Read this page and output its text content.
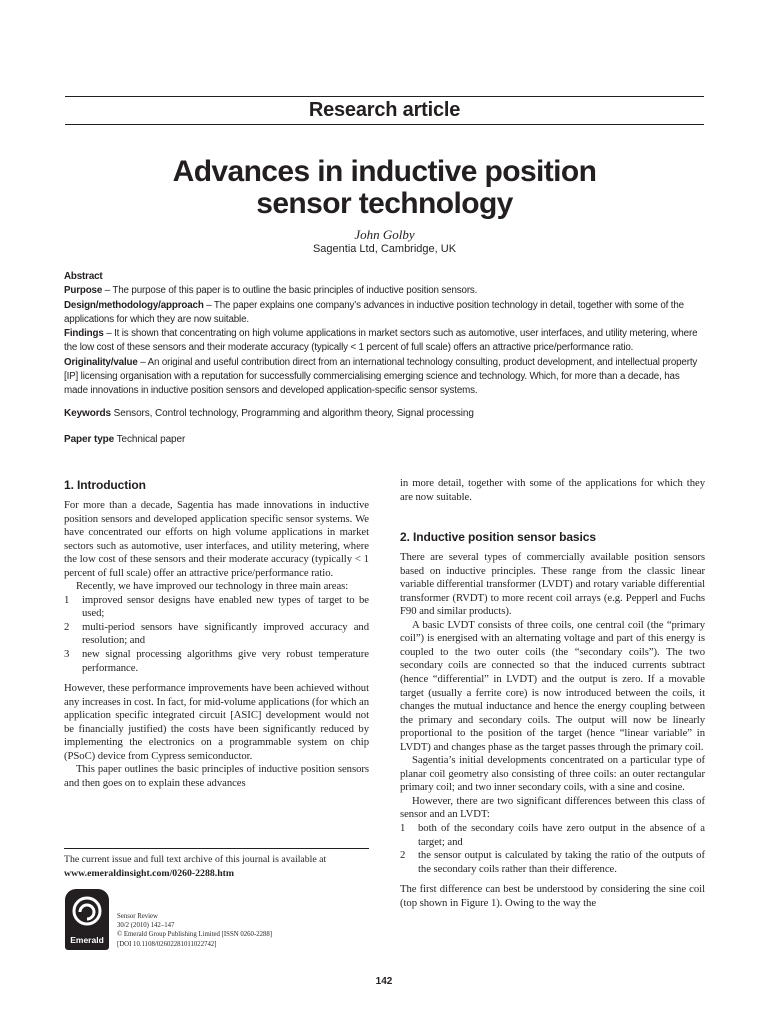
Research article
Advances in inductive position
sensor technology
John Golby
Sagentia Ltd, Cambridge, UK

Abstract

Purpose – The purpose of this paper is to outline the basic principles of inductive position sensors.

Design/methodology/approach – The paper explains one company’s advances in inductive position technology in detail, together with some of the applications for which they are now suitable.

Findings – It is shown that concentrating on high volume applications in market sectors such as automotive, user interfaces, and utility metering, where the low cost of these sensors and their moderate accuracy (typically < 1 percent of full scale) offers an attractive price/performance ratio.

Originality/value – An original and useful contribution direct from an international technology consulting, product development, and intellectual property [IP] licensing organisation with a reputation for successfully commercialising emerging science and technology. Which, for more than a decade, has made innovations in inductive position sensors and developed application-specific sensor systems.

Keywords Sensors, Control technology, Programming and algorithm theory, Signal processing
Paper type Technical paper

1. Introduction

For more than a decade, Sagentia has made innovations in inductive position sensors and developed application specific sensor systems. We have concentrated our efforts on high volume applications in market sectors such as automotive, user interfaces, and utility metering, where the low cost of these sensors and their moderate accuracy (typically < 1 percent of full scale) offer an attractive price/performance ratio.

Recently, we have improved our technology in three main areas:

1	improved sensor designs have enabled new types of target to be used;
2	multi-period sensors have significantly improved accuracy and resolution; and
3	new signal processing algorithms give very robust temperature performance.

However, these performance improvements have been achieved without any increases in cost. In fact, for mid-volume applications (for which an application specific integrated circuit [ASIC] development would not be financially justified) the costs have been significantly reduced by implementing the electronics on a programmable system on chip (PSoC) device from Cypress semiconductor.

This paper outlines the basic principles of inductive position sensors and then goes on to explain these advances

The current issue and full text archive of this journal is available at
www.emeraldinsight.com/0260-2288.htm
Emerald

Sensor Review

30/2 (2010) 142–147

© Emerald Group Publishing Limited [ISSN 0260-2288]

[DOI 10.1108/02602281011022742]

in more detail, together with some of the applications for which they are now suitable.

2. Inductive position sensor basics

There are several types of commercially available position sensors based on inductive principles. These range from the classic linear variable differential transformer (LVDT) and rotary variable differential transformer (RVDT) to more recent coil arrays (e.g. Pepperl and Fuchs F90 and similar products).

A basic LVDT consists of three coils, one central coil (the “primary coil”) is energised with an alternating voltage and part of this energy is coupled to the two outer coils (the “secondary coils”). The two secondary coils are connected so that the induced currents subtract (hence “differential” in LVDT) and the output is zero. If a movable target (usually a ferrite core) is now introduced between the coils, it changes the mutual inductance and hence the energy coupling between the primary and secondary coils. The output will now be linearly proportional to the position of the target (hence “linear variable” in LVDT) and changes phase as the target passes through the primary coil.

Sagentia’s initial developments concentrated on a particular type of planar coil geometry also consisting of three coils: an outer rectangular primary coil; and two inner secondary coils, with a sine and cosine.

However, there are two significant differences between this class of sensor and an LVDT:

1	both of the secondary coils have zero output in the absence of a target; and
2	the sensor output is calculated by taking the ratio of the outputs of the secondary coils rather than their difference.

The first difference can best be understood by considering the sine coil (top shown in Figure 1). Owing to the way the

142
